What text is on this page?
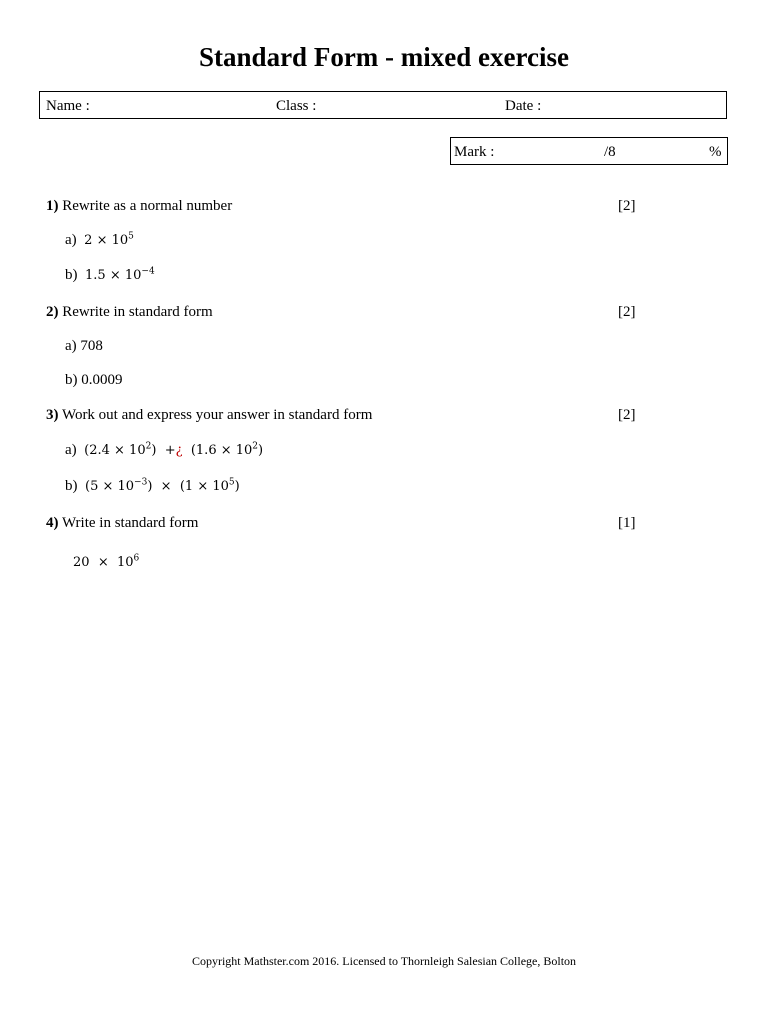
Standard Form - mixed exercise
Name :	Class :	Date :
Mark :	/8	%
1) Rewrite as a normal number	[2]
a) $2 \times 10^5$
b) $1.5 \times 10^{-4}$
2) Rewrite in standard form	[2]
a) 708
b) 0.0009
3) Work out and express your answer in standard form	[2]
a) $(2.4 \times 10^2)$ +¿ $(1.6 \times 10^2)$
b) $(5 \times 10^{-3}) \times (1 \times 10^5)$
4) Write in standard form	[1]
$20 \times 10^6$
Copyright Mathster.com 2016. Licensed to Thornleigh Salesian College, Bolton
